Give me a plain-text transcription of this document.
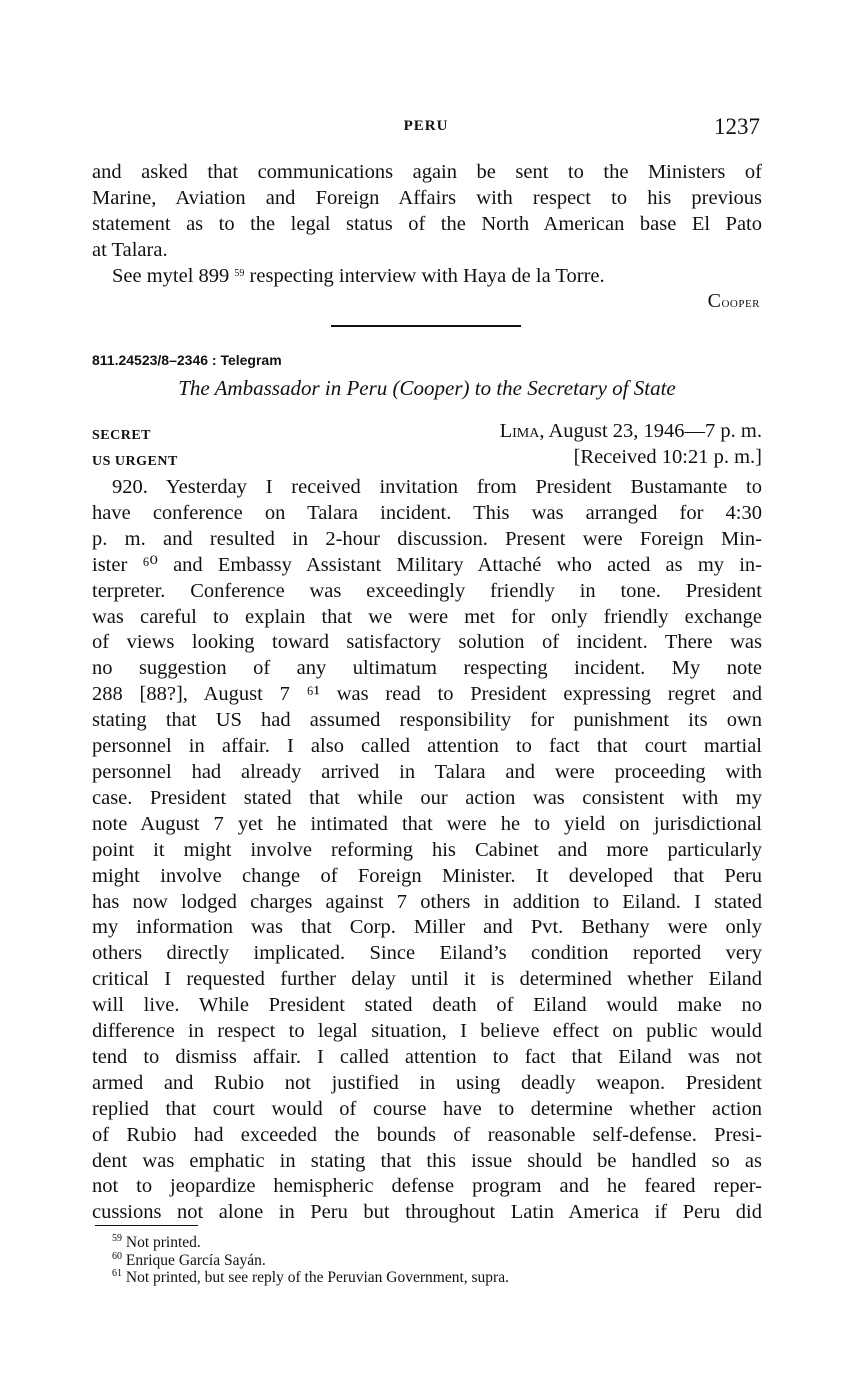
PERU	1237
and asked that communications again be sent to the Ministers of
Marine, Aviation and Foreign Affairs with respect to his previous
statement as to the legal status of the North American base El Pato
at Talara.
See mytel 899 $^{59}$ respecting interview with Haya de la Torre.
Cooper
811.24523/8–2346 : Telegram
The Ambassador in Peru (Cooper) to the Secretary of State
SECRET	Lima, August 23, 1946—7 p. m.
US URGENT	[Received 10:21 p. m.]
920. Yesterday I received invitation from President Bustamante to
have conference on Talara incident. This was arranged for 4:30
p. m. and resulted in 2-hour discussion. Present were Foreign Min-
ister ⁶⁰ and Embassy Assistant Military Attaché who acted as my in-
terpreter. Conference was exceedingly friendly in tone. President
was careful to explain that we were met for only friendly exchange
of views looking toward satisfactory solution of incident. There was
no suggestion of any ultimatum respecting incident. My note
288 [88?], August 7 ⁶¹ was read to President expressing regret and
stating that US had assumed responsibility for punishment its own
personnel in affair. I also called attention to fact that court martial
personnel had already arrived in Talara and were proceeding with
case. President stated that while our action was consistent with my
note August 7 yet he intimated that were he to yield on jurisdictional
point it might involve reforming his Cabinet and more particularly
might involve change of Foreign Minister. It developed that Peru
has now lodged charges against 7 others in addition to Eiland. I stated
my information was that Corp. Miller and Pvt. Bethany were only
others directly implicated. Since Eiland’s condition reported very
critical I requested further delay until it is determined whether Eiland
will live. While President stated death of Eiland would make no
difference in respect to legal situation, I believe effect on public would
tend to dismiss affair. I called attention to fact that Eiland was not
armed and Rubio not justified in using deadly weapon. President
replied that court would of course have to determine whether action
of Rubio had exceeded the bounds of reasonable self-defense. Presi-
dent was emphatic in stating that this issue should be handled so as
not to jeopardize hemispheric defense program and he feared reper-
cussions not alone in Peru but throughout Latin America if Peru did
$^{59}$ Not printed.
$^{60}$ Enrique García Sayán.
$^{61}$ Not printed, but see reply of the Peruvian Government, supra.
